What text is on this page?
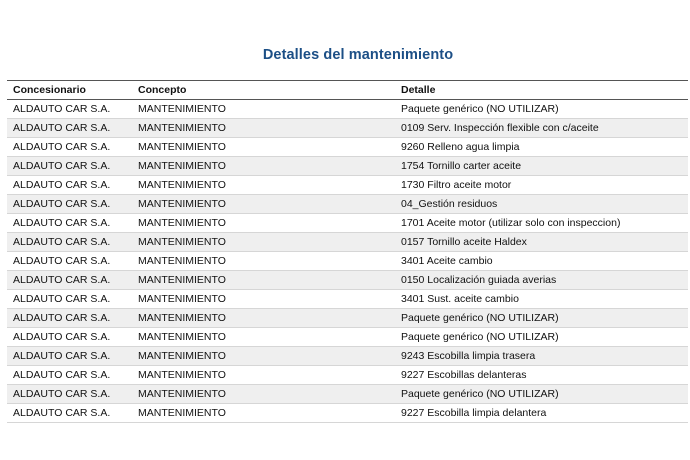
Detalles del mantenimiento
Concesionario	Concepto	Detalle
ALDAUTO CAR S.A.	MANTENIMIENTO	Paquete genérico (NO UTILIZAR)
ALDAUTO CAR S.A.	MANTENIMIENTO	0109 Serv. Inspección flexible con c/aceite
ALDAUTO CAR S.A.	MANTENIMIENTO	9260 Relleno agua limpia
ALDAUTO CAR S.A.	MANTENIMIENTO	1754 Tornillo carter aceite
ALDAUTO CAR S.A.	MANTENIMIENTO	1730 Filtro aceite motor
ALDAUTO CAR S.A.	MANTENIMIENTO	04_Gestión residuos
ALDAUTO CAR S.A.	MANTENIMIENTO	1701 Aceite motor (utilizar solo con inspeccion)
ALDAUTO CAR S.A.	MANTENIMIENTO	0157 Tornillo aceite Haldex
ALDAUTO CAR S.A.	MANTENIMIENTO	3401 Aceite cambio
ALDAUTO CAR S.A.	MANTENIMIENTO	0150 Localización guiada averias
ALDAUTO CAR S.A.	MANTENIMIENTO	3401 Sust. aceite cambio
ALDAUTO CAR S.A.	MANTENIMIENTO	Paquete genérico (NO UTILIZAR)
ALDAUTO CAR S.A.	MANTENIMIENTO	Paquete genérico (NO UTILIZAR)
ALDAUTO CAR S.A.	MANTENIMIENTO	9243 Escobilla limpia trasera
ALDAUTO CAR S.A.	MANTENIMIENTO	9227 Escobillas delanteras
ALDAUTO CAR S.A.	MANTENIMIENTO	Paquete genérico (NO UTILIZAR)
ALDAUTO CAR S.A.	MANTENIMIENTO	9227 Escobilla limpia delantera
